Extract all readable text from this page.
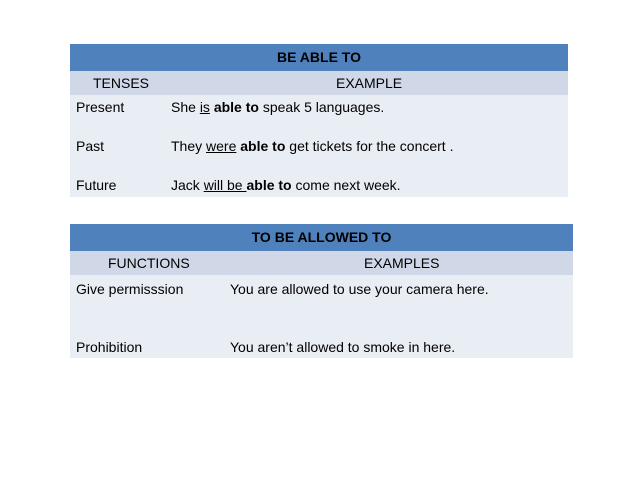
BE ABLE TO
TENSES	EXAMPLE
Present	She is able to speak 5 languages.
Past	They were able to get tickets for the concert .
Future	Jack will be able to come next week.
TO BE ALLOWED TO
FUNCTIONS	EXAMPLES
Give permisssion	You are allowed to use your camera here.
Prohibition	You aren’t allowed to smoke in here.
